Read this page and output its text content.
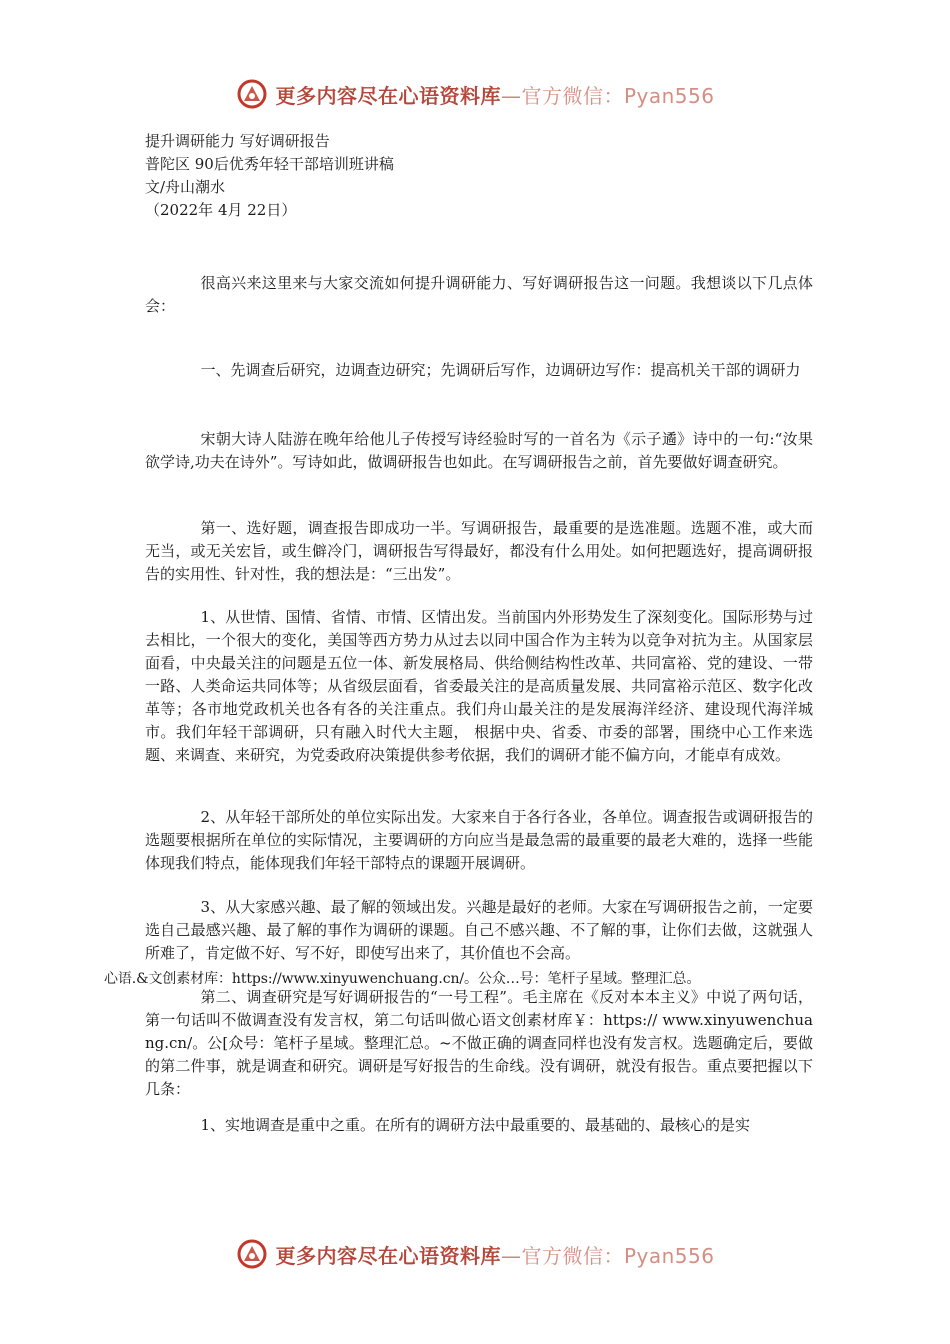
更多内容尽在心语资料库—官方微信：Pyan556
提升调研能力 写好调研报告
普陀区 90后优秀年轻干部培训班讲稿
文/舟山潮水
（2022年 4月 22日）
很高兴来这里来与大家交流如何提升调研能力、写好调研报告这一问题。我想谈以下几点体会：
一、先调查后研究，边调查边研究；先调研后写作，边调研边写作：提高机关干部的调研力
宋朝大诗人陆游在晚年给他儿子传授写诗经验时写的一首名为《示子遹》诗中的一句:“汝果欲学诗,功夫在诗外”。写诗如此，做调研报告也如此。在写调研报告之前，首先要做好调查研究。
第一、选好题，调查报告即成功一半。写调研报告，最重要的是选准题。选题不准，或大而无当，或无关宏旨，或生僻冷门，调研报告写得最好，都没有什么用处。如何把题选好，提高调研报告的实用性、针对性，我的想法是：“三出发”。
1、从世情、国情、省情、市情、区情出发。当前国内外形势发生了深刻变化。国际形势与过去相比，一个很大的变化，美国等西方势力从过去以同中国合作为主转为以竞争对抗为主。从国家层面看，中央最关注的问题是五位一体、新发展格局、供给侧结构性改革、共同富裕、党的建设、一带一路、人类命运共同体等；从省级层面看，省委最关注的是高质量发展、共同富裕示范区、数字化改革等；各市地党政机关也各有各的关注重点。我们舟山最关注的是发展海洋经济、建设现代海洋城市。我们年轻干部调研，只有融入时代大主题， 根据中央、省委、市委的部署，围绕中心工作来选题、来调查、来研究，为党委政府决策提供参考依据，我们的调研才能不偏方向，才能卓有成效。
2、从年轻干部所处的单位实际出发。大家来自于各行各业，各单位。调查报告或调研报告的选题要根据所在单位的实际情况，主要调研的方向应当是最急需的最重要的最老大难的，选择一些能体现我们特点，能体现我们年轻干部特点的课题开展调研。
3、从大家感兴趣、最了解的领域出发。兴趣是最好的老师。大家在写调研报告之前，一定要选自己最感兴趣、最了解的事作为调研的课题。自己不感兴趣、不了解的事，让你们去做，这就强人所难了，肯定做不好、写不好，即使写出来了，其价值也不会高。
心语.&文创素材库：https://www.xinyuwenchuang.cn/。公众…号：笔杆子星域。整理汇总。
第二、调查研究是写好调研报告的“一号工程”。毛主席在《反对本本主义》中说了两句话，第一句话叫不做调查没有发言权，第二句话叫做心语文创素材库￥：https:// www.xinyuwenchuang.cn/。公[众号：笔杆子星域。整理汇总。~不做正确的调查同样也没有发言权。选题确定后，要做的第二件事，就是调查和研究。调研是写好报告的生命线。没有调研，就没有报告。重点要把握以下几条：
1、实地调查是重中之重。在所有的调研方法中最重要的、最基础的、最核心的是实
更多内容尽在心语资料库—官方微信：Pyan556
